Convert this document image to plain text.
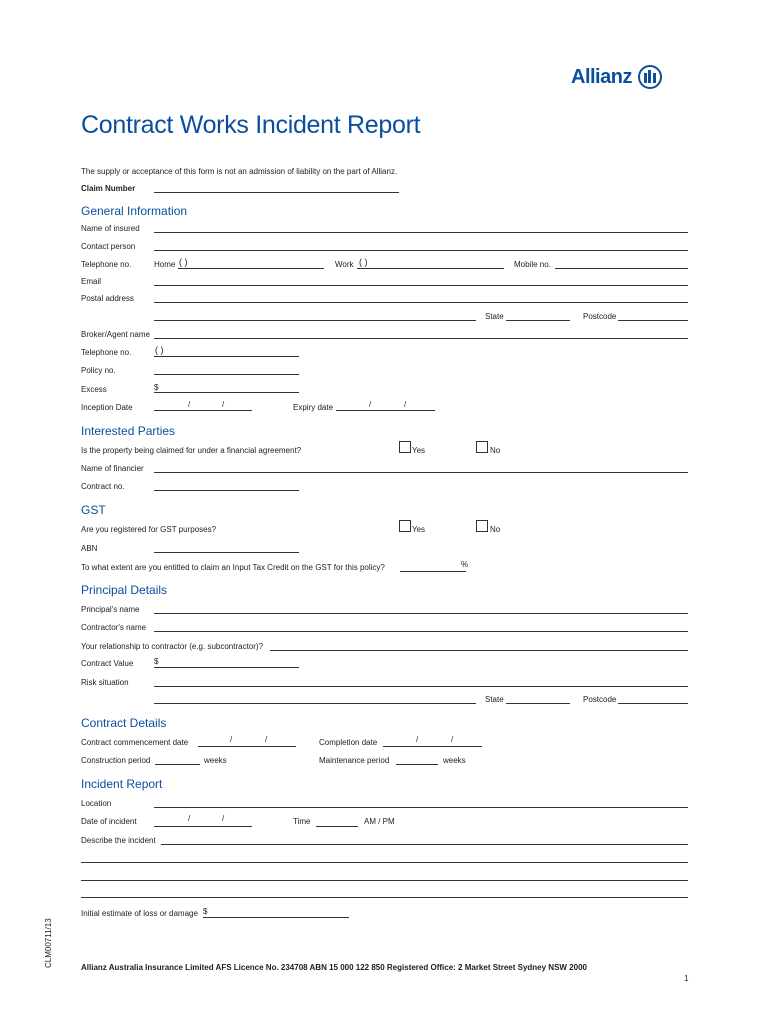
Allianz
Contract Works Incident Report
The supply or acceptance of this form is not an admission of liability on the part of Allianz.
Claim Number
General Information
Name of insured
Contact person
Telephone no.	Home ( )	Work ( )	Mobile no.
Email
Postal address
State	Postcode
Broker/Agent name
Telephone no.	( )
Policy no.
Excess	$
Inception Date	/	/	Expiry date	/	/
Interested Parties
Is the property being claimed for under a financial agreement?	Yes	No
Name of financier
Contract no.
GST
Are you registered for GST purposes?	Yes	No
ABN
To what extent are you entitled to claim an Input Tax Credit on the GST for this policy?	%
Principal Details
Principal's name
Contractor's name
Your relationship to contractor (e.g. subcontractor)?
Contract Value	$
Risk situation
State	Postcode
Contract Details
Contract commencement date	/	/	Completion date	/	/
Construction period	weeks	Maintenance period	weeks
Incident Report
Location
Date of incident	/	/	Time	AM / PM
Describe the incident
Initial estimate of loss or damage $
CLM00711/13	Allianz Australia Insurance Limited AFS Licence No. 234708 ABN 15 000 122 850 Registered Office: 2 Market Street Sydney NSW 2000
1
